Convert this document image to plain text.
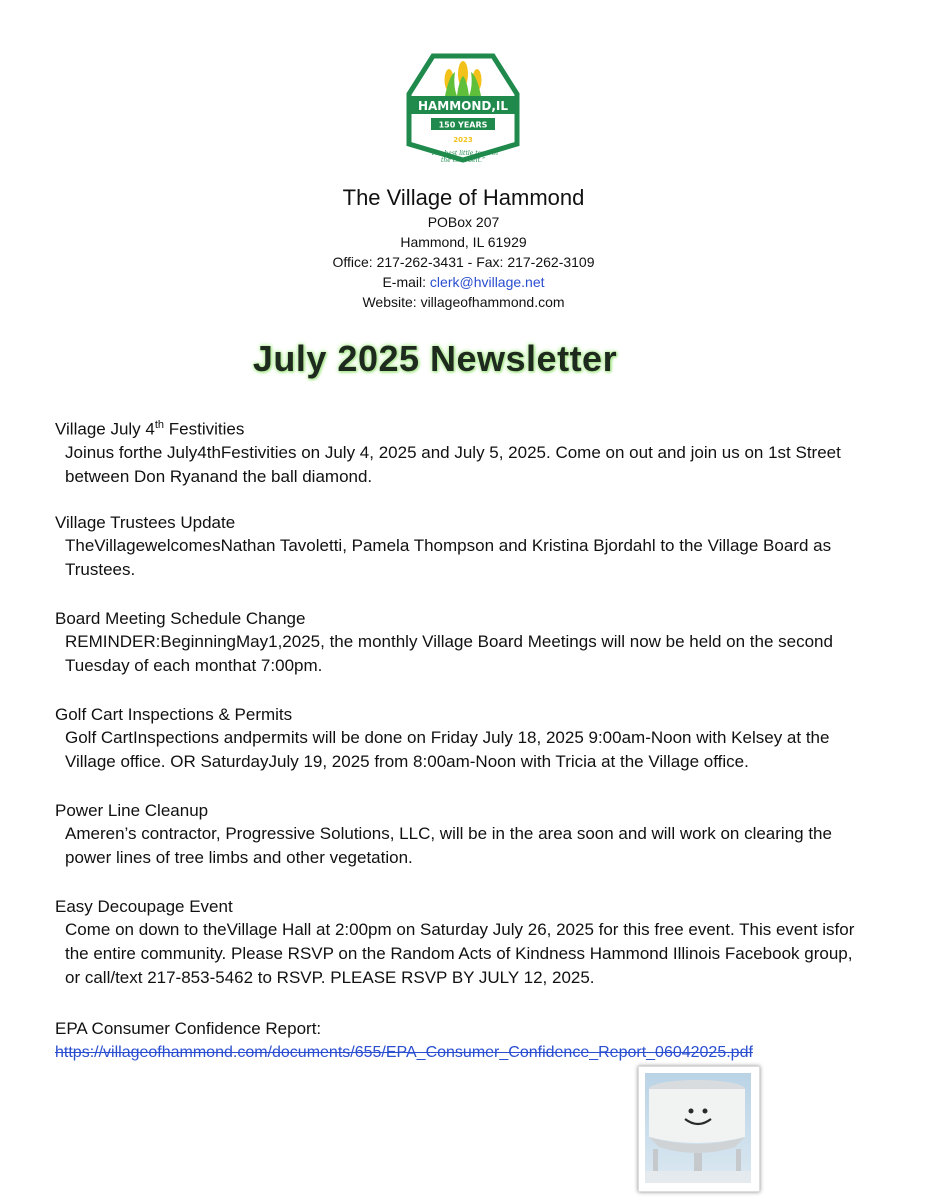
HAMMOND,IL
150 YEARS
2023
“The best little town in the corn belt.”
The Village of Hammond
POBox 207
Hammond, IL 61929
Office: 217-262-3431 - Fax: 217-262-3109
E-mail: clerk@hvillage.net
Website: villageofhammond.com
July 2025 Newsletter
Village July 4th Festivities
Joinus forthe July4thFestivities on July 4, 2025 and July 5, 2025. Come on out and join us on 1st Street between Don Ryanand the ball diamond.
Village Trustees Update
TheVillagewelcomesNathan Tavoletti, Pamela Thompson and Kristina Bjordahl to the Village Board as Trustees.
Board Meeting Schedule Change
REMINDER:BeginningMay1,2025, the monthly Village Board Meetings will now be held on the second Tuesday of each monthat 7:00pm.
Golf Cart Inspections & Permits
Golf CartInspections andpermits will be done on Friday July 18, 2025 9:00am-Noon with Kelsey at the Village office. OR SaturdayJuly 19, 2025 from 8:00am-Noon with Tricia at the Village office.
Power Line Cleanup
Ameren’s contractor, Progressive Solutions, LLC, will be in the area soon and will work on clearing the power lines of tree limbs and other vegetation.
Easy Decoupage Event
Come on down to theVillage Hall at 2:00pm on Saturday July 26, 2025 for this free event. This event isfor the entire community. Please RSVP on the Random Acts of Kindness Hammond Illinois Facebook group, or call/text 217-853-5462 to RSVP. PLEASE RSVP BY JULY 12, 2025.
EPA Consumer Confidence Report:
https://villageofhammond.com/documents/655/EPA_Consumer_Confidence_Report_06042025.pdf
